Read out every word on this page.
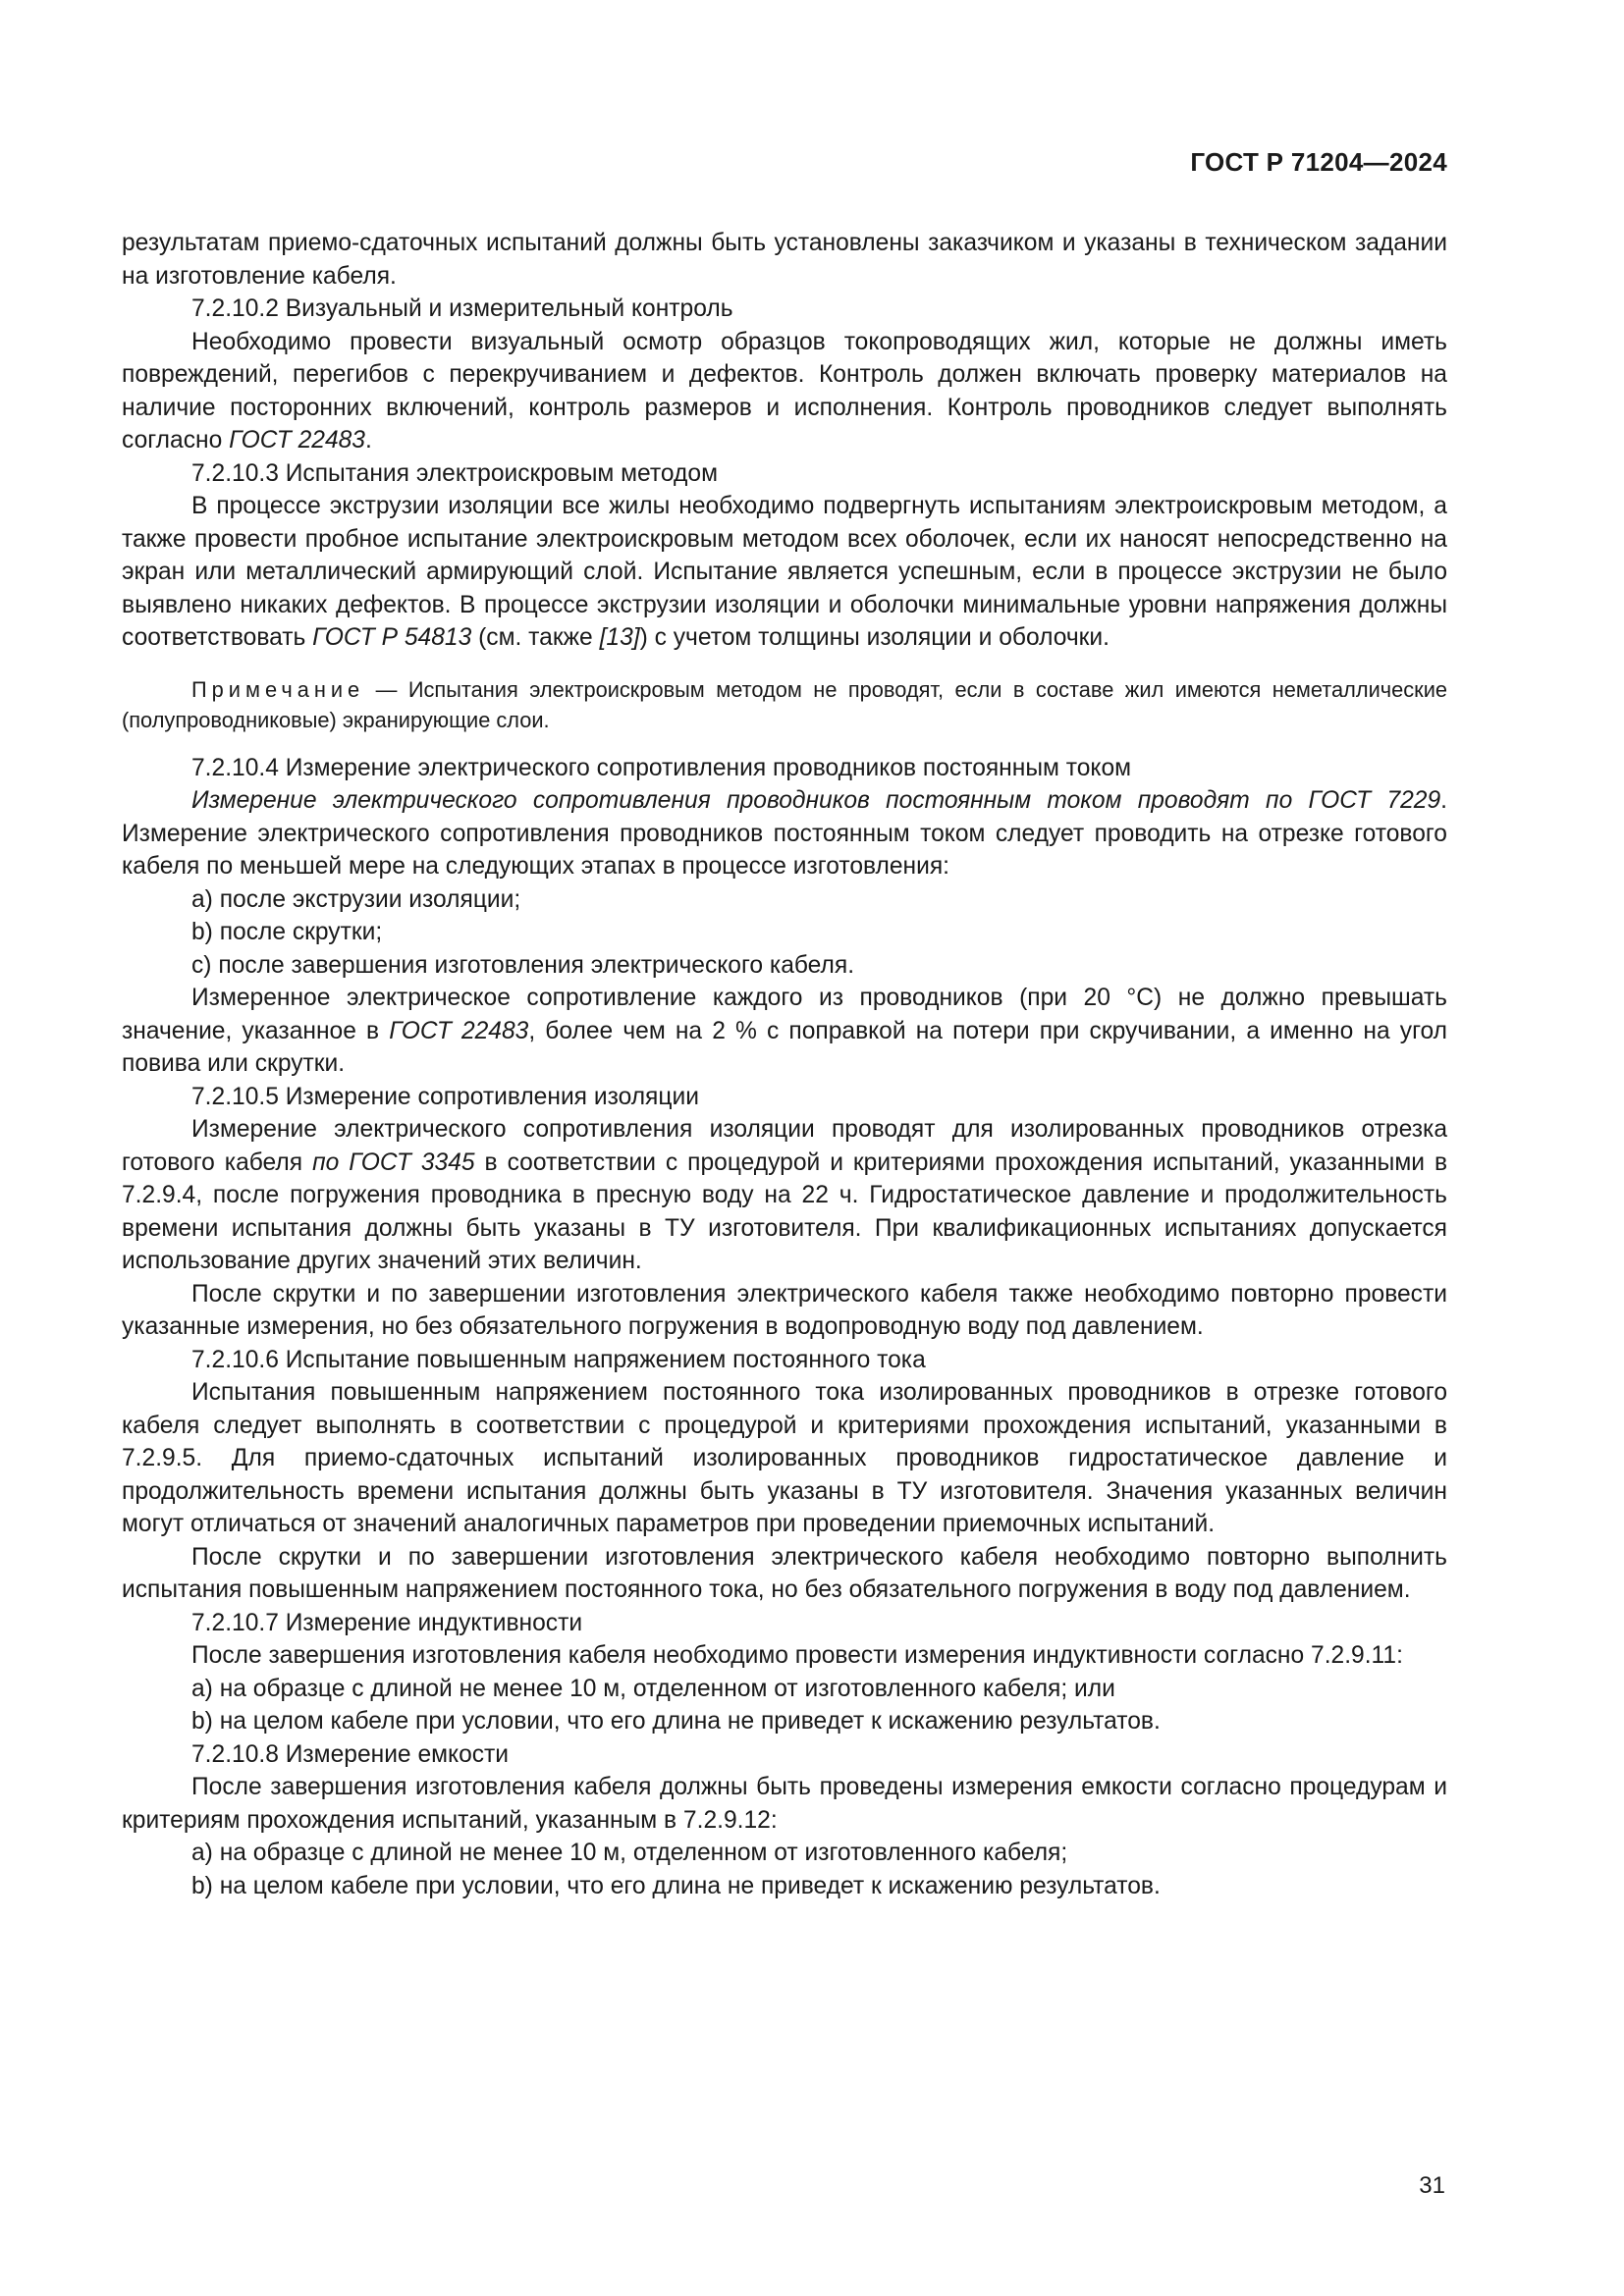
ГОСТ Р 71204—2024

результатам приемо-сдаточных испытаний должны быть установлены заказчиком и указаны в техническом задании на изготовление кабеля.

7.2.10.2 Визуальный и измерительный контроль

Необходимо провести визуальный осмотр образцов токопроводящих жил, которые не должны иметь повреждений, перегибов с перекручиванием и дефектов. Контроль должен включать проверку материалов на наличие посторонних включений, контроль размеров и исполнения. Контроль проводников следует выполнять согласно ГОСТ 22483.

7.2.10.3 Испытания электроискровым методом

В процессе экструзии изоляции все жилы необходимо подвергнуть испытаниям электроискровым методом, а также провести пробное испытание электроискровым методом всех оболочек, если их наносят непосредственно на экран или металлический армирующий слой. Испытание является успешным, если в процессе экструзии не было выявлено никаких дефектов. В процессе экструзии изоляции и оболочки минимальные уровни напряжения должны соответствовать ГОСТ Р 54813 (см. также [13]) с учетом толщины изоляции и оболочки.

Примечание — Испытания электроискровым методом не проводят, если в составе жил имеются неметаллические (полупроводниковые) экранирующие слои.

7.2.10.4 Измерение электрического сопротивления проводников постоянным током

Измерение электрического сопротивления проводников постоянным током проводят по ГОСТ 7229. Измерение электрического сопротивления проводников постоянным током следует проводить на отрезке готового кабеля по меньшей мере на следующих этапах в процессе изготовления:

a) после экструзии изоляции;

b) после скрутки;

c) после завершения изготовления электрического кабеля.

Измеренное электрическое сопротивление каждого из проводников (при 20 °C) не должно превышать значение, указанное в ГОСТ 22483, более чем на 2 % с поправкой на потери при скручивании, а именно на угол повива или скрутки.

7.2.10.5 Измерение сопротивления изоляции

Измерение электрического сопротивления изоляции проводят для изолированных проводников отрезка готового кабеля по ГОСТ 3345 в соответствии с процедурой и критериями прохождения испытаний, указанными в 7.2.9.4, после погружения проводника в пресную воду на 22 ч. Гидростатическое давление и продолжительность времени испытания должны быть указаны в ТУ изготовителя. При квалификационных испытаниях допускается использование других значений этих величин.

После скрутки и по завершении изготовления электрического кабеля также необходимо повторно провести указанные измерения, но без обязательного погружения в водопроводную воду под давлением.

7.2.10.6 Испытание повышенным напряжением постоянного тока

Испытания повышенным напряжением постоянного тока изолированных проводников в отрезке готового кабеля следует выполнять в соответствии с процедурой и критериями прохождения испытаний, указанными в 7.2.9.5. Для приемо-сдаточных испытаний изолированных проводников гидростатическое давление и продолжительность времени испытания должны быть указаны в ТУ изготовителя. Значения указанных величин могут отличаться от значений аналогичных параметров при проведении приемочных испытаний.

После скрутки и по завершении изготовления электрического кабеля необходимо повторно выполнить испытания повышенным напряжением постоянного тока, но без обязательного погружения в воду под давлением.

7.2.10.7 Измерение индуктивности

После завершения изготовления кабеля необходимо провести измерения индуктивности согласно 7.2.9.11:

a) на образце с длиной не менее 10 м, отделенном от изготовленного кабеля; или

b) на целом кабеле при условии, что его длина не приведет к искажению результатов.

7.2.10.8 Измерение емкости

После завершения изготовления кабеля должны быть проведены измерения емкости согласно процедурам и критериям прохождения испытаний, указанным в 7.2.9.12:

a) на образце с длиной не менее 10 м, отделенном от изготовленного кабеля;

b) на целом кабеле при условии, что его длина не приведет к искажению результатов.

31
